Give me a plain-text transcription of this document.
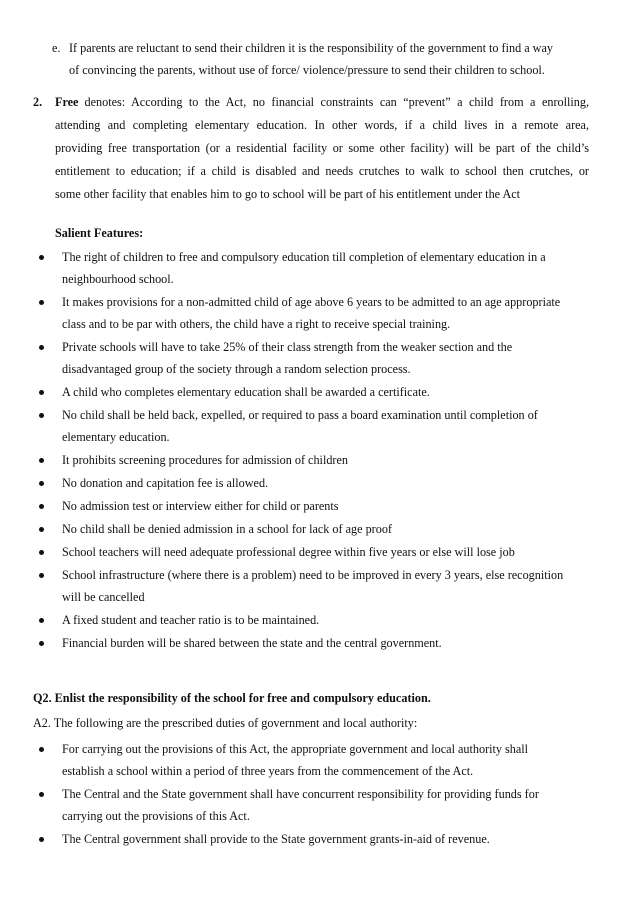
e. If parents are reluctant to send their children it is the responsibility of the government to find a way
of convincing the parents, without use of force/ violence/pressure to send their children to school.
2. Free
denotes: According to the Act, no financial constraints can “prevent” a child from a enrolling,
attending and completing elementary education. In other words, if a child lives in a remote area,
providing free transportation (or a residential facility or some other facility) will be part of the child’s
entitlement to education; if a child is disabled and needs crutches to walk to school then crutches, or
some other facility that enables him to go to school will be part of his entitlement under the Act
Salient Features:
The right of children to free and compulsory education till completion of elementary education in a
neighbourhood school.
It makes provisions for a non-admitted child of age above 6 years to be admitted to an age appropriate
class and to be par with others, the child have a right to receive special training.
Private schools will have to take 25% of their class strength from the weaker section and the
disadvantaged group of the society through a random selection process.
A child who completes elementary education shall be awarded a certificate.
No child shall be held back, expelled, or required to pass a board examination until completion of
elementary education.
It prohibits screening procedures for admission of children
No donation and capitation fee is allowed.
No admission test or interview either for child or parents
No child shall be denied admission in a school for lack of age proof
School teachers will need adequate professional degree within five years or else will lose job
School infrastructure (where there is a problem) need to be improved in every 3 years, else recognition
will be cancelled
A fixed student and teacher ratio is to be maintained.
Financial burden will be shared between the state and the central government.
Q2. Enlist the responsibility of the school for free and compulsory education.
A2. The following are the prescribed duties of government and local authority:
For carrying out the provisions of this Act, the appropriate government and local authority shall
establish a school within a period of three years from the commencement of the Act.
The Central and the State government shall have concurrent responsibility for providing funds for
carrying out the provisions of this Act.
The Central government shall provide to the State government grants-in-aid of revenue.
